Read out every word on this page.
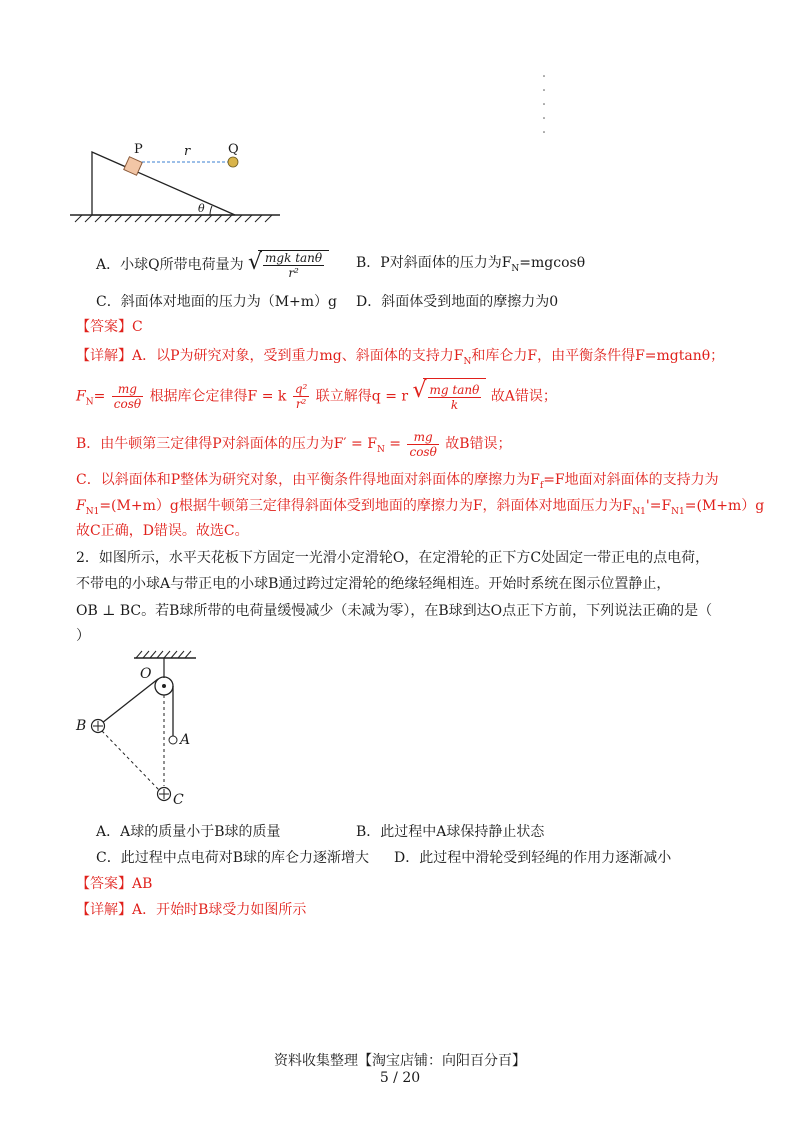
P	Q
r
θ
A．小球Q所带电荷量为 √ $\frac{\text{mgk tanθ}}{\text{r²}}$ B．P对斜面体的压力为$F_N=mgcos\theta$
C．斜面体对地面的压力为（M+m）g D．斜面体受到地面的摩擦力为0
【答案】C
【详解】A．以P为研究对象，受到重力mg、斜面体的支持力$F_N$和库仑力F，由平衡条件得F=mgtanθ；
$F_N= \frac{mg}{\cos\theta}$ 根据库仑定律得F = k $\frac{\text{q²}}{\text{r²}}$ 联立解得q = r √ $\frac{\text{mg tanθ}}{k}$ 故A错误；
B．由牛顿第三定律得P对斜面体的压力为$F' = F_N = \frac{mg}{\cos\theta}$ 故B错误；
C．以斜面体和P整体为研究对象，由平衡条件得地面对斜面体的摩擦力为$F_f=F$地面对斜面体的支持力为
$F_{N1}=(M+m)g$根据牛顿第三定律得斜面体受到地面的摩擦力为F，斜面体对地面压力为$F_{N1}'=F_{N1}=(M+m)g$
故C正确，D错误。故选C。
2．如图所示，水平天花板下方固定一光滑小定滑轮O，在定滑轮的正下方C处固定一带正电的点电荷，
不带电的小球A与带正电的小球B通过跨过定滑轮的绝缘轻绳相连。开始时系统在图示位置静止，
OB ⊥ BC。若B球所带的电荷量缓慢减少（未减为零），在B球到达O点正下方前，下列说法正确的是（
）
O
A
B
C
A．A球的质量小于B球的质量	B．此过程中A球保持静止状态
C．此过程中点电荷对B球的库仑力逐渐增大 D．此过程中滑轮受到轻绳的作用力逐渐减小
【答案】AB
【详解】A．开始时B球受力如图所示
资料收集整理【淘宝店铺：向阳百分百】
5 / 20
